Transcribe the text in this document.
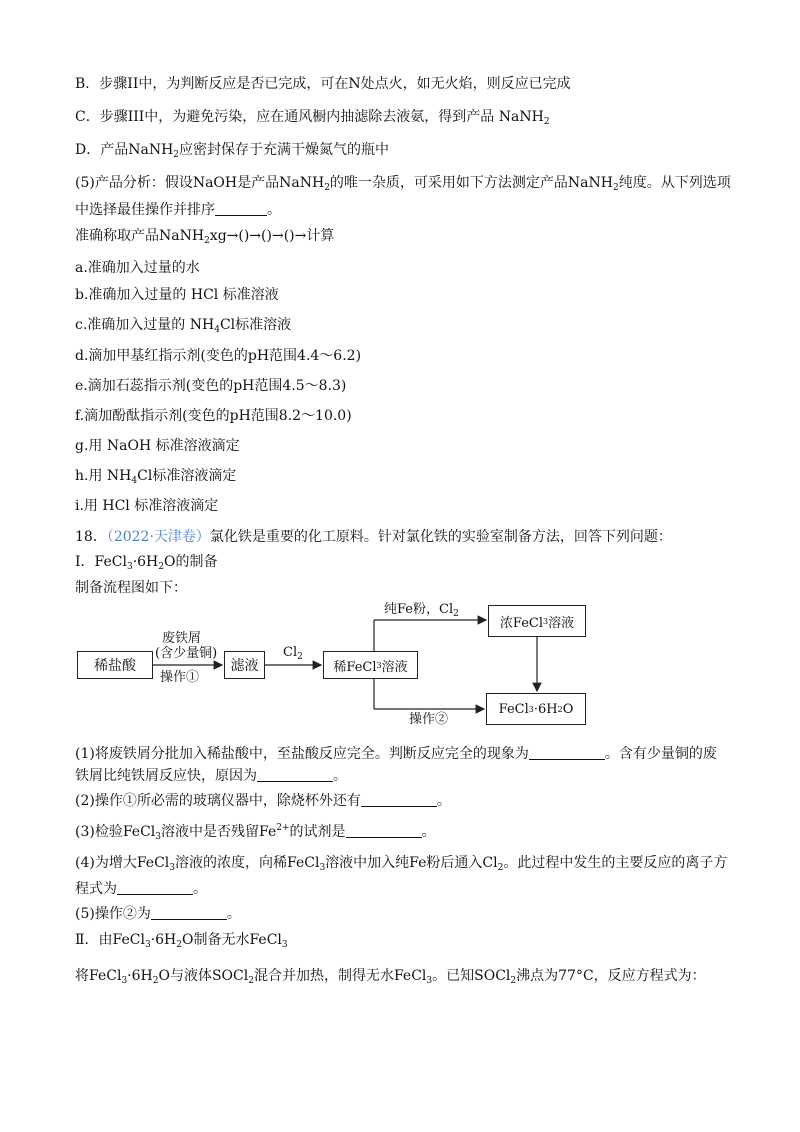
B．步骤II中，为判断反应是否已完成，可在N处点火，如无火焰，则反应已完成
C．步骤III中，为避免污染，应在通风橱内抽滤除去液氨，得到产品 NaNH$_2$
D．产品NaNH$_2$应密封保存于充满干燥氮气的瓶中
(5)产品分析：假设NaOH是产品NaNH$_2$的唯一杂质，可采用如下方法测定产品NaNH$_2$纯度。从下列选项
中选择最佳操作并排序	。
准确称取产品NaNH$_2$xg→()→()→()→计算
a.准确加入过量的水
b.准确加入过量的 HCl 标准溶液
c.准确加入过量的 $NH_4Cl$标准溶液
d.滴加甲基红指示剂(变色的pH范围4.4～6.2)
e.滴加石蕊指示剂(变色的pH范围4.5～8.3)
f.滴加酚酞指示剂(变色的pH范围8.2～10.0)
g.用 NaOH 标准溶液滴定
h.用 $NH_4Cl$标准溶液滴定
i.用 HCl 标准溶液滴定
18．（2022·天津卷）氯化铁是重要的化工原料。针对氯化铁的实验室制备方法，回答下列问题：
Ⅰ．$FeCl_3\cdot 6H_2O$的制备
制备流程图如下：
稀盐酸	滤液	稀FeCl 3 溶液
浓FeCl 3 溶液
FeCl 3 ·6H 2 O
废铁屑
(含少量铜)
操作①
$Cl_2$
纯Fe粉，$Cl_2$
操作②
(1)将废铁屑分批加入稀盐酸中，至盐酸反应完全。判断反应完全的现象为	。含有少量铜的废
铁屑比纯铁屑反应快，原因为	。
(2)操作①所必需的玻璃仪器中，除烧杯外还有	。
(3)检验FeCl$_3$溶液中是否残留$Fe^{2+}$的试剂是	。
(4)为增大FeCl$_3$溶液的浓度，向稀FeCl$_3$溶液中加入纯Fe粉后通入$Cl_2$。此过程中发生的主要反应的离子方
程式为	。
(5)操作②为	。
Ⅱ．由$FeCl_3\cdot 6H_2O$制备无水FeCl$_3$
将$FeCl_3\cdot 6H_2O$与液体SOCl$_2$混合并加热，制得无水FeCl$_3$。已知SOCl$_2$沸点为77°C，反应方程式为：
